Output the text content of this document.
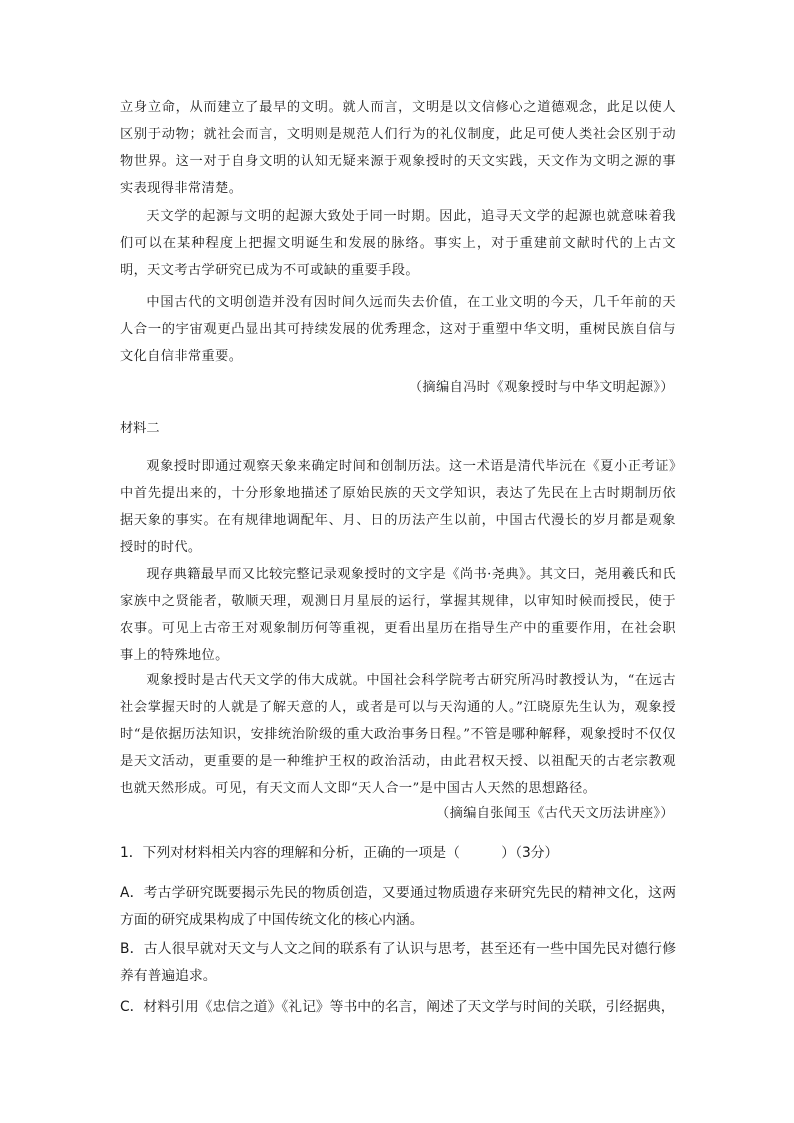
立身立命，从而建立了最早的文明。就人而言，文明是以文信修心之道德观念，此足以使人区别于动物；就社会而言，文明则是规范人们行为的礼仪制度，此足可使人类社会区别于动物世界。这一对于自身文明的认知无疑来源于观象授时的天文实践，天文作为文明之源的事实表现得非常清楚。

天文学的起源与文明的起源大致处于同一时期。因此，追寻天文学的起源也就意味着我们可以在某种程度上把握文明诞生和发展的脉络。事实上，对于重建前文献时代的上古文明，天文考古学研究已成为不可或缺的重要手段。

中国古代的文明创造并没有因时间久远而失去价值，在工业文明的今天，几千年前的天人合一的宇宙观更凸显出其可持续发展的优秀理念，这对于重塑中华文明，重树民族自信与文化自信非常重要。

（摘编自冯时《观象授时与中华文明起源》）

材料二

观象授时即通过观察天象来确定时间和创制历法。这一术语是清代毕沅在《夏小正考证》中首先提出来的，十分形象地描述了原始民族的天文学知识，表达了先民在上古时期制历依据天象的事实。在有规律地调配年、月、日的历法产生以前，中国古代漫长的岁月都是观象授时的时代。

现存典籍最早而又比较完整记录观象授时的文字是《尚书·尧典》。其文曰，尧用羲氏和氏家族中之贤能者，敬顺天理，观测日月星辰的运行，掌握其规律，以审知时候而授民，使于农事。可见上古帝王对观象制历何等重视，更看出星历在指导生产中的重要作用，在社会职事上的特殊地位。

观象授时是古代天文学的伟大成就。中国社会科学院考古研究所冯时教授认为，“在远古社会掌握天时的人就是了解天意的人，或者是可以与天沟通的人。”江晓原先生认为，观象授时“是依据历法知识，安排统治阶级的重大政治事务日程。”不管是哪种解释，观象授时不仅仅是天文活动，更重要的是一种维护王权的政治活动，由此君权天授、以祖配天的古老宗教观也就天然形成。可见，有天文而人文即“天人合一”是中国古人天然的思想路径。

（摘编自张闻玉《古代天文历法讲座》）

1．下列对材料相关内容的理解和分析，正确的一项是（　　　）（3分）

A．考古学研究既要揭示先民的物质创造，又要通过物质遗存来研究先民的精神文化，这两方面的研究成果构成了中国传统文化的核心内涵。

B．古人很早就对天文与人文之间的联系有了认识与思考，甚至还有一些中国先民对德行修养有普遍追求。

C．材料引用《忠信之道》《礼记》等书中的名言，阐述了天文学与时间的关联，引经据典，
